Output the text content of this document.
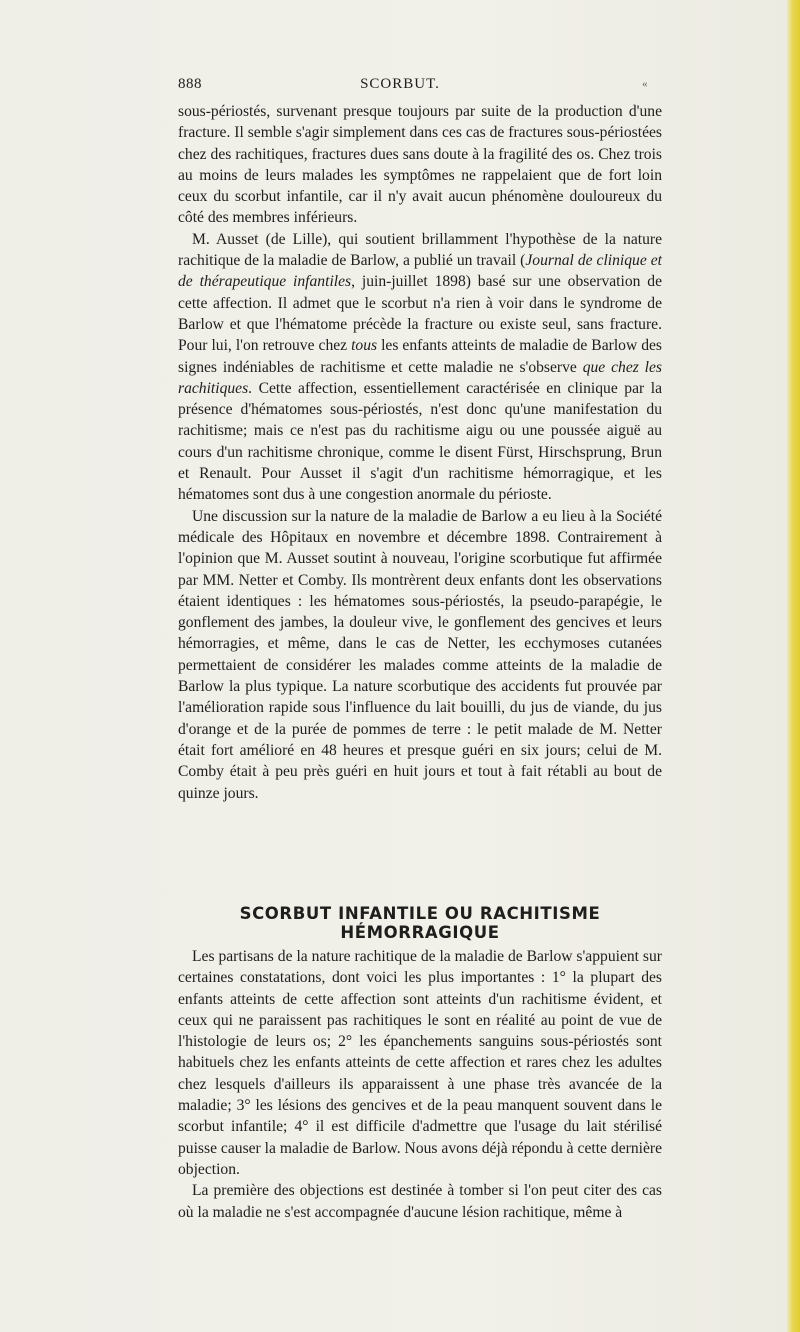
888	SCORBUT.	«

sous-périostés, survenant presque toujours par suite de la production d'une fracture. Il semble s'agir simplement dans ces cas de fractures sous-périostées chez des rachitiques, fractures dues sans doute à la fragilité des os. Chez trois au moins de leurs malades les symptômes ne rappelaient que de fort loin ceux du scorbut infantile, car il n'y avait aucun phénomène douloureux du côté des membres inférieurs.

M. Ausset (de Lille), qui soutient brillamment l'hypothèse de la nature rachitique de la maladie de Barlow, a publié un travail (Journal de clinique et de thérapeutique infantiles, juin-juillet 1898) basé sur une observation de cette affection. Il admet que le scorbut n'a rien à voir dans le syndrome de Barlow et que l'hématome précède la fracture ou existe seul, sans fracture. Pour lui, l'on retrouve chez tous les enfants atteints de maladie de Barlow des signes indéniables de rachitisme et cette maladie ne s'observe que chez les rachitiques. Cette affection, essentiellement caractérisée en clinique par la présence d'hématomes sous-périostés, n'est donc qu'une manifestation du rachitisme; mais ce n'est pas du rachitisme aigu ou une poussée aiguë au cours d'un rachitisme chronique, comme le disent Fürst, Hirschsprung, Brun et Renault. Pour Ausset il s'agit d'un rachitisme hémorragique, et les hématomes sont dus à une congestion anormale du périoste.

Une discussion sur la nature de la maladie de Barlow a eu lieu à la Société médicale des Hôpitaux en novembre et décembre 1898. Contrairement à l'opinion que M. Ausset soutint à nouveau, l'origine scorbutique fut affirmée par MM. Netter et Comby. Ils montrèrent deux enfants dont les observations étaient identiques : les hématomes sous-périostés, la pseudo-parapégie, le gonflement des jambes, la douleur vive, le gonflement des gencives et leurs hémorragies, et même, dans le cas de Netter, les ecchymoses cutanées permettaient de considérer les malades comme atteints de la maladie de Barlow la plus typique. La nature scorbutique des accidents fut prouvée par l'amélioration rapide sous l'influence du lait bouilli, du jus de viande, du jus d'orange et de la purée de pommes de terre : le petit malade de M. Netter était fort amélioré en 48 heures et presque guéri en six jours; celui de M. Comby était à peu près guéri en huit jours et tout à fait rétabli au bout de quinze jours.

SCORBUT INFANTILE OU RACHITISME HÉMORRAGIQUE

Les partisans de la nature rachitique de la maladie de Barlow s'appuient sur certaines constatations, dont voici les plus importantes : 1° la plupart des enfants atteints de cette affection sont atteints d'un rachitisme évident, et ceux qui ne paraissent pas rachitiques le sont en réalité au point de vue de l'histologie de leurs os; 2° les épanchements sanguins sous-périostés sont habituels chez les enfants atteints de cette affection et rares chez les adultes chez lesquels d'ailleurs ils apparaissent à une phase très avancée de la maladie; 3° les lésions des gencives et de la peau manquent souvent dans le scorbut infantile; 4° il est difficile d'admettre que l'usage du lait stérilisé puisse causer la maladie de Barlow. Nous avons déjà répondu à cette dernière objection.

La première des objections est destinée à tomber si l'on peut citer des cas où la maladie ne s'est accompagnée d'aucune lésion rachitique, même à
